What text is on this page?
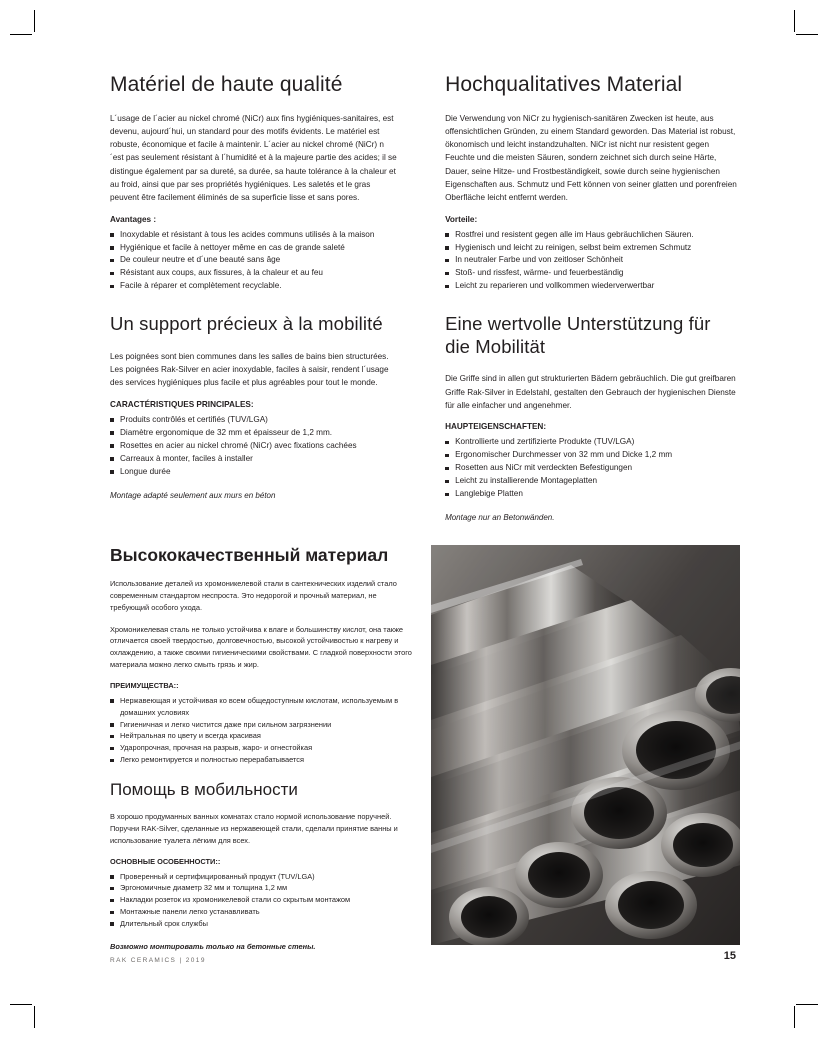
Matériel de haute qualité

L´usage de l´acier au nickel chromé (NiCr) aux fins hygiéniques-sanitaires, est devenu, aujourd´hui, un standard pour des motifs évidents. Le matériel est robuste, économique et facile à maintenir. L´acier au nickel chromé (NiCr) n´est pas seulement résistant à l´humidité et à la majeure partie des acides; il se distingue également par sa dureté, sa durée, sa haute tolérance à la chaleur et au froid, ainsi que par ses propriétés hygiéniques. Les saletés et le gras peuvent être facilement éliminés de sa superficie lisse et sans pores.

Avantages :
Inoxydable et résistant à tous les acides communs utilisés à la maison
Hygiénique et facile à nettoyer même en cas de grande saleté
De couleur neutre et d´une beauté sans âge
Résistant aux coups, aux fissures, à la chaleur et au feu
Facile à réparer et complètement recyclable.
Un support précieux à la mobilité

Les poignées sont bien communes dans les salles de bains bien structurées. Les poignées Rak-Silver en acier inoxydable, faciles à saisir, rendent l´usage des services hygiéniques plus facile et plus agréables pour tout le monde.

CARACTÉRISTIQUES PRINCIPALES:
Produits contrôlés et certifiés (TUV/LGA)
Diamètre ergonomique de 32 mm et épaisseur de 1,2 mm.
Rosettes en acier au nickel chromé (NiCr) avec fixations cachées
Carreaux à monter, faciles à installer
Longue durée
Montage adapté seulement aux murs en béton
Hochqualitatives Material

Die Verwendung von NiCr zu hygienisch-sanitären Zwecken ist heute, aus offensichtlichen Gründen, zu einem Standard geworden. Das Material ist robust, ökonomisch und leicht instandzuhalten. NiCr ist nicht nur resistent gegen Feuchte und die meisten Säuren, sondern zeichnet sich durch seine Härte, Dauer, seine Hitze- und Frostbeständigkeit, sowie durch seine hygienischen Eigenschaften aus. Schmutz und Fett können von seiner glatten und porenfreien Oberfläche leicht entfernt werden.

Vorteile:
Rostfrei und resistent gegen alle im Haus gebräuchlichen Säuren.
Hygienisch und leicht zu reinigen, selbst beim extremen Schmutz
In neutraler Farbe und von zeitloser Schönheit
Stoß- und rissfest, wärme- und feuerbeständig
Leicht zu reparieren und vollkommen wiederverwertbar
Eine wertvolle Unterstützung für die Mobilität

Die Griffe sind in allen gut strukturierten Bädern gebräuchlich. Die gut greifbaren Griffe Rak-Silver in Edelstahl, gestalten den Gebrauch der hygienischen Dienste für alle einfacher und angenehmer.

HAUPTEIGENSCHAFTEN:
Kontrollierte und zertifizierte Produkte (TUV/LGA)
Ergonomischer Durchmesser von 32 mm und Dicke 1,2 mm
Rosetten aus NiCr mit verdeckten Befestigungen
Leicht zu installierende Montageplatten
Langlebige Platten
Montage nur an Betonwänden.
Высококачественный материал

Использование деталей из хромоникелевой стали в сантехнических изделий стало современным стандартом неспроста. Это недорогой и прочный материал, не требующий особого ухода.

Хромоникелевая сталь не только устойчива к влаге и большинству кислот, она также отличается своей твердостью, долговечностью, высокой устойчивостью к нагреву и охлаждению, а также своими гигиеническими свойствами. С гладкой поверхности этого материала можно легко смыть грязь и жир.

ПРЕИМУЩЕСТВА::
Нержавеющая и устойчивая ко всем общедоступным кислотам, используемым в домашних условиях
Гигиеничная и легко чистится даже при сильном загрязнении
Нейтральная по цвету и всегда красивая
Ударопрочная, прочная на разрыв, жаро- и огнестойкая
Легко ремонтируется и полностью перерабатывается
Помощь в мобильности

В хорошо продуманных ванных комнатах стало нормой использование поручней. Поручни RAK-Silver, сделанные из нержавеющей стали, сделали принятие ванны и использование туалета лёгким для всех.

ОСНОВНЫЕ ОСОБЕННОСТИ::
Проверенный и сертифицированный продукт (TUV/LGA)
Эргономичные диаметр 32 мм и толщина 1,2 мм
Накладки розеток из хромоникелевой стали со скрытым монтажом
Монтажные панели легко устанавливать
Длительный срок службы
Возможно монтировать только на бетонные стены.
RAK CERAMICS | 2019	15
